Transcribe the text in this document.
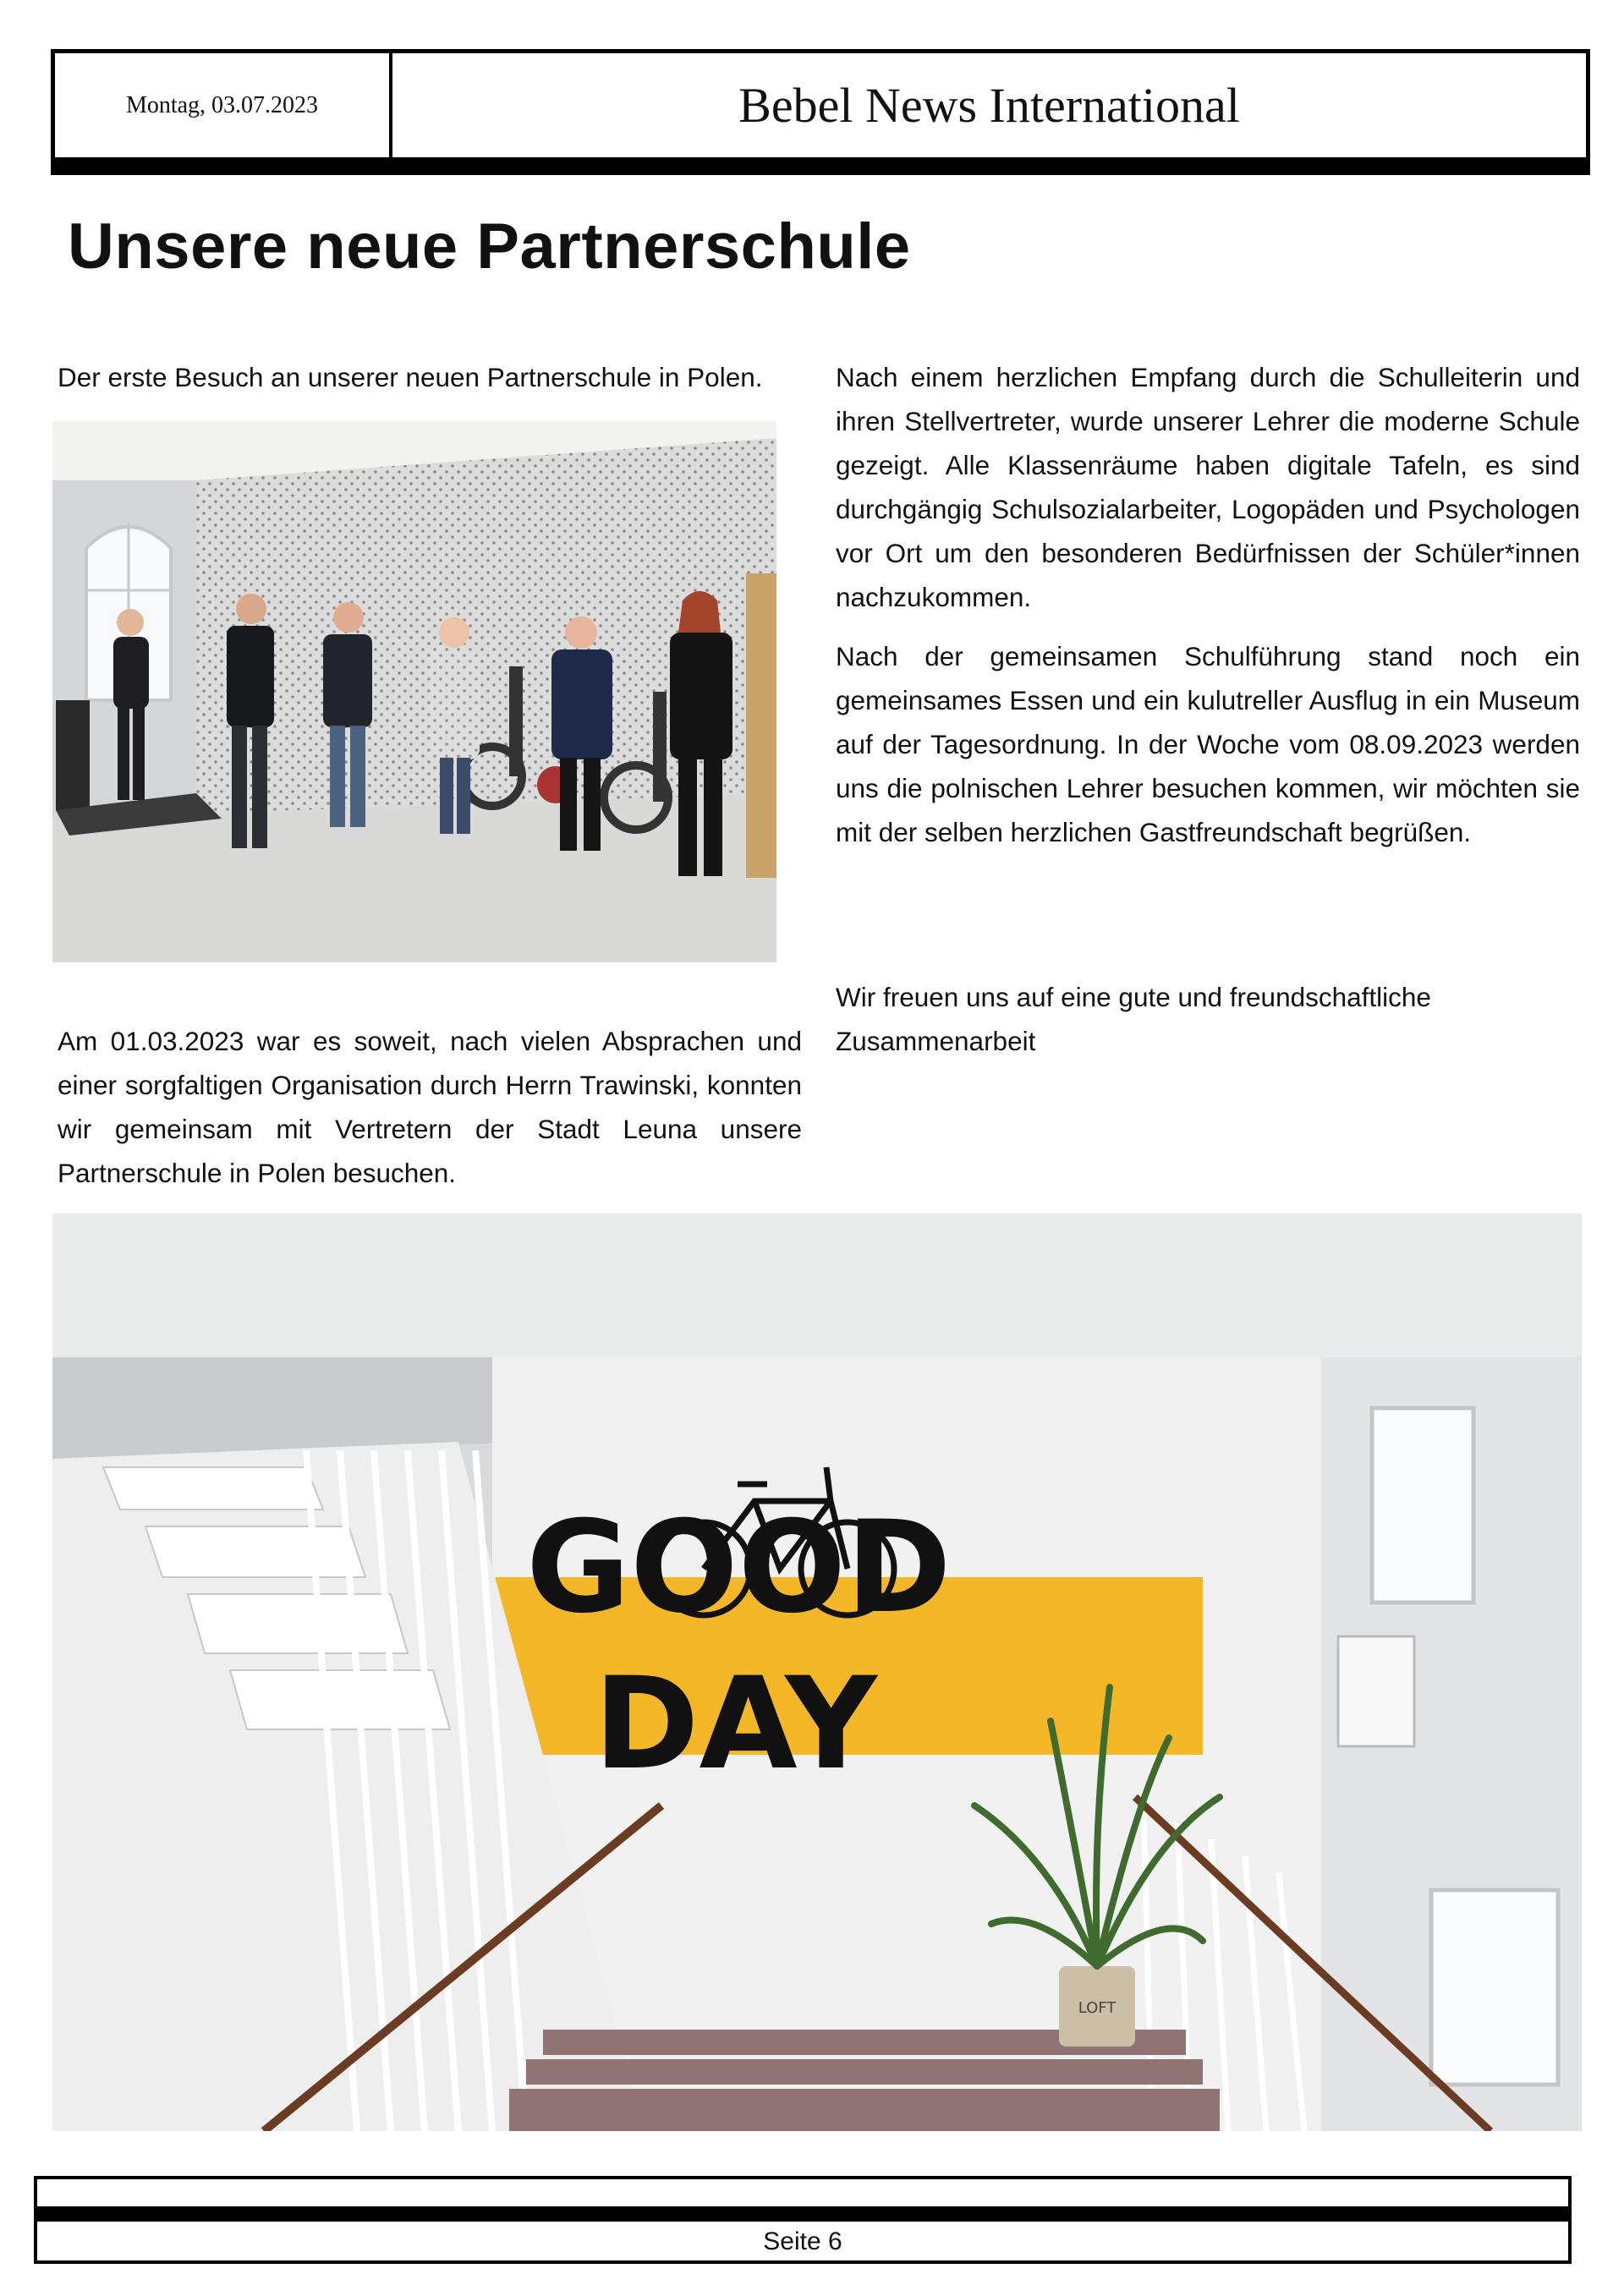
Montag, 03.07.2023	Bebel News International
Unsere neue Partnerschule

Der erste Besuch an unserer neuen Partnerschule in Polen.

Am 01.03.2023 war es soweit, nach vielen Absprachen und einer sorgfaltigen Organisation durch Herrn Trawinski, konnten wir gemeinsam mit Vertretern der Stadt Leuna unsere Partnerschule in Polen besuchen.

Nach einem herzlichen Empfang durch die Schulleiterin und ihren Stellvertreter, wurde unserer Lehrer die moderne Schule gezeigt. Alle Klassenräume haben digitale Tafeln, es sind durchgängig Schulsozialarbeiter, Logopäden und Psychologen vor Ort um den besonderen Bedürfnissen der Schüler*innen nachzukommen.

Nach der gemeinsamen Schulführung stand noch ein gemeinsames Essen und ein kulutreller Ausflug in ein Museum auf der Tagesordnung. In der Woche vom 08.09.2023 werden uns die polnischen Lehrer besuchen kommen, wir möchten sie mit der selben herzlichen Gastfreundschaft begrüßen.

Wir freuen uns auf eine gute und freundschaftliche Zusammenarbeit

GOOD
DAY
LOFT
Seite 6
